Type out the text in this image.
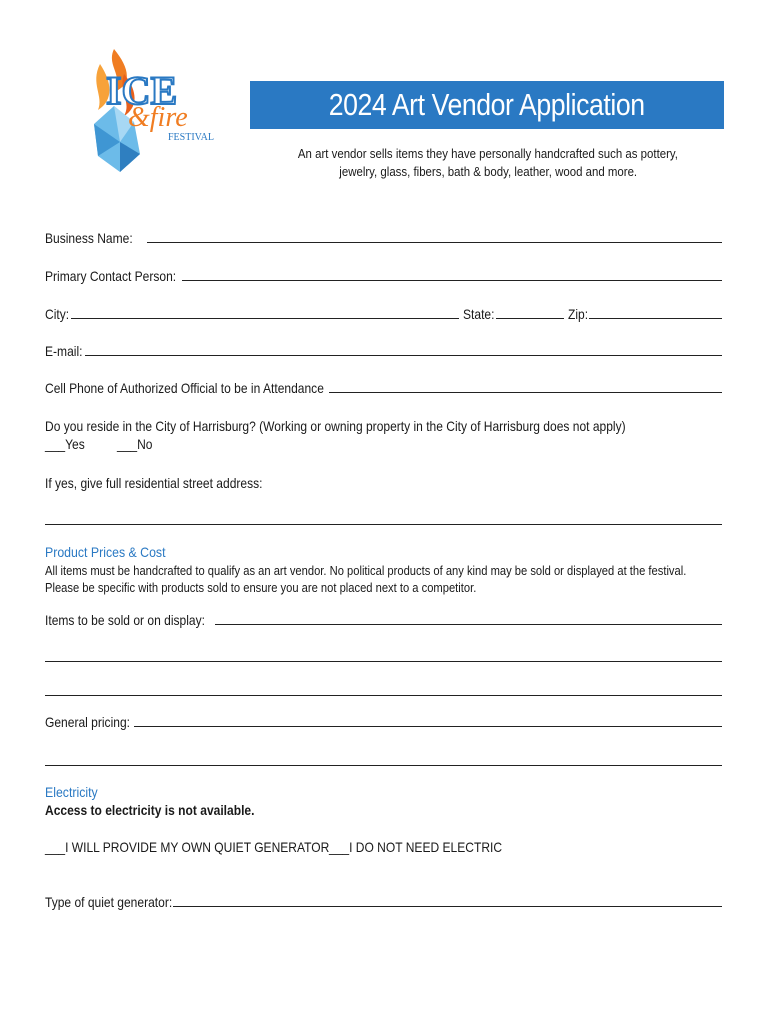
ICE
&fire
FESTIVAL
2024 Art Vendor Application
An art vendor sells items they have personally handcrafted such as pottery,
jewelry, glass, fibers, bath & body, leather, wood and more.
Business Name:
Primary Contact Person:
City:	State:	Zip:
E-mail:
Cell Phone of Authorized Official to be in Attendance
Do you reside in the City of Harrisburg? (Working or owning property in the City of Harrisburg does not apply)
___Yes	___No
If yes, give full residential street address:
Product Prices & Cost
All items must be handcrafted to qualify as an art vendor. No political products of any kind may be sold or displayed at the festival.
Please be specific with products sold to ensure you are not placed next to a competitor.
Items to be sold or on display:
General pricing:
Electricity
Access to electricity is not available.
___I WILL PROVIDE MY OWN QUIET GENERATOR ___I DO NOT NEED ELECTRIC
Type of quiet generator:
